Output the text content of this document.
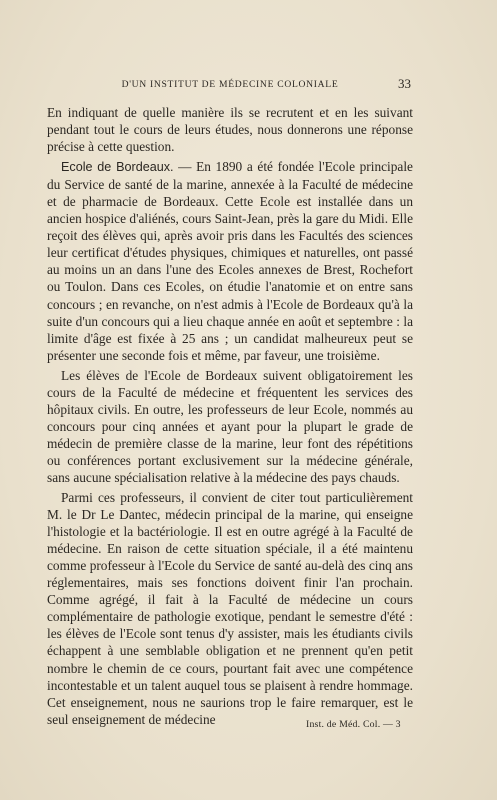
D'UN INSTITUT DE MÉDECINE COLONIALE	33

En indiquant de quelle manière ils se recrutent et en les suivant pendant tout le cours de leurs études, nous donnerons une réponse précise à cette question.

Ecole de Bordeaux. — En 1890 a été fondée l'Ecole principale du Service de santé de la marine, annexée à la Faculté de médecine et de pharmacie de Bordeaux. Cette Ecole est installée dans un ancien hospice d'aliénés, cours Saint-Jean, près la gare du Midi. Elle reçoit des élèves qui, après avoir pris dans les Facultés des sciences leur certificat d'études physiques, chimiques et naturelles, ont passé au moins un an dans l'une des Ecoles annexes de Brest, Rochefort ou Toulon. Dans ces Ecoles, on étudie l'anatomie et on entre sans concours ; en revanche, on n'est admis à l'Ecole de Bordeaux qu'à la suite d'un concours qui a lieu chaque année en août et septembre : la limite d'âge est fixée à 25 ans ; un candidat malheureux peut se présenter une seconde fois et même, par faveur, une troisième.

Les élèves de l'Ecole de Bordeaux suivent obligatoirement les cours de la Faculté de médecine et fréquentent les services des hôpitaux civils. En outre, les professeurs de leur Ecole, nommés au concours pour cinq années et ayant pour la plupart le grade de médecin de première classe de la marine, leur font des répétitions ou conférences portant exclusivement sur la médecine générale, sans aucune spécialisation relative à la médecine des pays chauds.

Parmi ces professeurs, il convient de citer tout particulièrement M. le Dr Le Dantec, médecin principal de la marine, qui enseigne l'histologie et la bactériologie. Il est en outre agrégé à la Faculté de médecine. En raison de cette situation spéciale, il a été maintenu comme professeur à l'Ecole du Service de santé au-delà des cinq ans réglementaires, mais ses fonctions doivent finir l'an prochain. Comme agrégé, il fait à la Faculté de médecine un cours complémentaire de pathologie exotique, pendant le semestre d'été : les élèves de l'Ecole sont tenus d'y assister, mais les étudiants civils échappent à une semblable obligation et ne prennent qu'en petit nombre le chemin de ce cours, pourtant fait avec une compétence incontestable et un talent auquel tous se plaisent à rendre hommage. Cet enseignement, nous ne saurions trop le faire remarquer, est le seul enseignement de médecine	Inst. de Méd. Col. — 3
